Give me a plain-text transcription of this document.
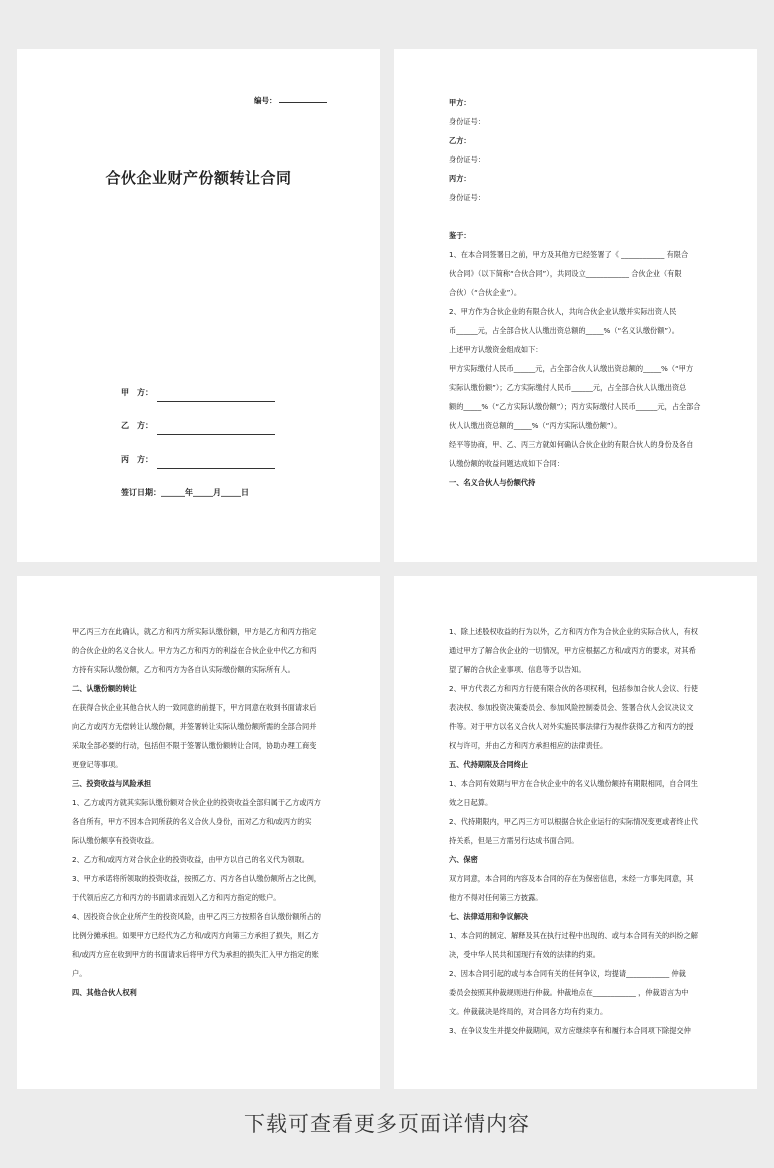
编号：
合伙企业财产份额转让合同
甲　方：
乙　方：
丙　方：
签订日期：______年_____月_____日
甲方：
身份证号：
乙方：
身份证号：
丙方：
身份证号：
鉴于：
1、在本合同签署日之前，甲方及其他方已经签署了《 ____________ 有限合
伙合同》（以下简称“合伙合同”），共同设立____________ 合伙企业（有限
合伙）（“合伙企业”）。
2、甲方作为合伙企业的有限合伙人，共向合伙企业认缴并实际出资人民
币______元，占全部合伙人认缴出资总额的_____%（“名义认缴份额”）。
上述甲方认缴资金组成如下：
甲方实际缴付人民币______元，占全部合伙人认缴出资总额的_____%（“甲方
实际认缴份额”）；乙方实际缴付人民币______元，占全部合伙人认缴出资总
额的_____%（“乙方实际认缴份额”）；丙方实际缴付人民币______元，占全部合
伙人认缴出资总额的_____%（“丙方实际认缴份额”）。
经平等协商，甲、乙、丙三方就如何确认合伙企业的有限合伙人的身份及各自
认缴份额的收益问题达成如下合同：
一、名义合伙人与份额代持
甲乙丙三方在此确认，就乙方和丙方所实际认缴份额，甲方是乙方和丙方指定
的合伙企业的名义合伙人。甲方为乙方和丙方的利益在合伙企业中代乙方和丙
方持有实际认缴份额，乙方和丙方为各自认实际缴份额的实际所有人。
二、认缴份额的转让
在获得合伙企业其他合伙人的一致同意的前提下，甲方同意在收到书面请求后
向乙方或丙方无偿转让认缴份额，并签署转让实际认缴份额所需的全部合同并
采取全部必要的行动，包括但不限于签署认缴份额转让合同，协助办理工商变
更登记等事项。
三、投资收益与风险承担
1、乙方或丙方就其实际认缴份额对合伙企业的投资收益全部归属于乙方或丙方
各自所有，甲方不因本合同所获的名义合伙人身份，而对乙方和/或丙方的实
际认缴份额享有投资收益。
2、乙方和/或丙方对合伙企业的投资收益，由甲方以自己的名义代为领取。
3、甲方承诺将所领取的投资收益，按照乙方、丙方各自认缴份额所占之比例，
于代领后应乙方和丙方的书面请求而划入乙方和丙方指定的账户。
4、因投资合伙企业所产生的投资风险，由甲乙丙三方按照各自认缴份额所占的
比例分摊承担。如果甲方已经代为乙方和/或丙方向第三方承担了损失，则乙方
和/或丙方应在收到甲方的书面请求后将甲方代为承担的损失汇入甲方指定的账
户。
四、其他合伙人权利
1、除上述股权收益的行为以外，乙方和丙方作为合伙企业的实际合伙人，有权
通过甲方了解合伙企业的一切情况，甲方应根据乙方和/或丙方的要求，对其希
望了解的合伙企业事项、信息等予以告知。
2、甲方代表乙方和丙方行使有限合伙的各项权利，包括参加合伙人会议、行使
表决权、参加投资决策委员会、参加风险控制委员会、签署合伙人会议决议文
件等。对于甲方以名义合伙人对外实施民事法律行为视作获得乙方和丙方的授
权与许可，并由乙方和丙方承担相应的法律责任。
五、代持期限及合同终止
1、本合同有效期与甲方在合伙企业中的名义认缴份额持有期限相同，自合同生
效之日起算。
2、代持期限内，甲乙丙三方可以根据合伙企业运行的实际情况变更或者终止代
持关系，但是三方需另行达成书面合同。
六、保密
双方同意，本合同的内容及本合同的存在为保密信息，未经一方事先同意，其
他方不得对任何第三方披露。
七、法律适用和争议解决
1、本合同的制定、解释及其在执行过程中出现的、或与本合同有关的纠纷之解
决，受中华人民共和国现行有效的法律的约束。
2、因本合同引起的或与本合同有关的任何争议，均提请____________ 仲裁
委员会按照其仲裁规则进行仲裁。仲裁地点在____________ ，仲裁语言为中
文。仲裁裁决是终局的，对合同各方均有约束力。
3、在争议发生并提交仲裁期间，双方应继续享有和履行本合同项下除提交仲
下载可查看更多页面详情内容
